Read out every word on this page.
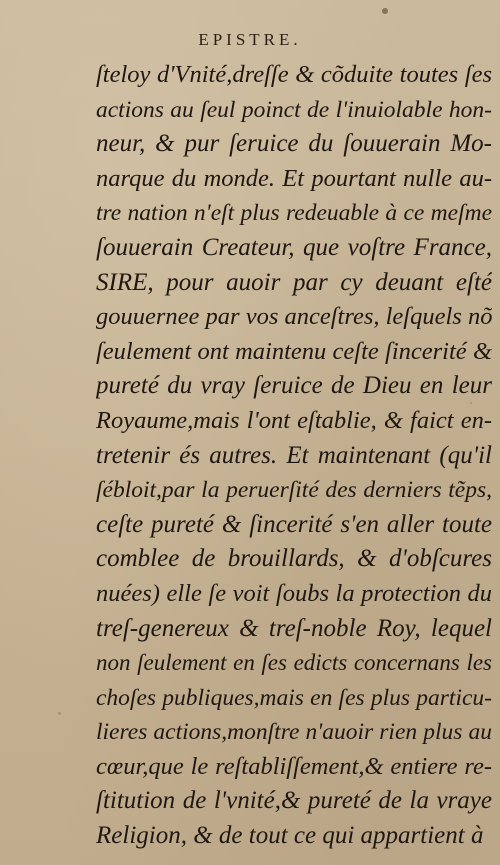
EPISTRE.
ſteloy d'Vnité,dreſſe & cõduite toutes ſes
actions au ſeul poinct de l'inuiolable hon-
neur, & pur ſeruice du ſouuerain Mo-
narque du monde. Et pourtant nulle au-
tre nation n'eſt plus redeuable à ce meſme
ſouuerain Createur, que voſtre France,
SIRE, pour auoir par cy deuant eſté
gouuernee par vos anceſtres, leſquels nõ
ſeulement ont maintenu ceſte ſincerité &
pureté du vray ſeruice de Dieu en leur
Royaume,mais l'ont eſtablie, & faict en-
tretenir és autres. Et maintenant (qu'il
ſébloit,par la peruerſité des derniers tẽps,
ceſte pureté & ſincerité s'en aller toute
comblee de brouillards, & d'obſcures
nuées) elle ſe voit ſoubs la protection du
treſ-genereux & treſ-noble Roy, lequel
non ſeulement en ſes edicts concernans les
choſes publiques,mais en ſes plus particu-
lieres actions,monſtre n'auoir rien plus au
cœur,que le reſtabliſſement,& entiere re-
ſtitution de l'vnité,& pureté de la vraye
Religion, & de tout ce qui appartient à
